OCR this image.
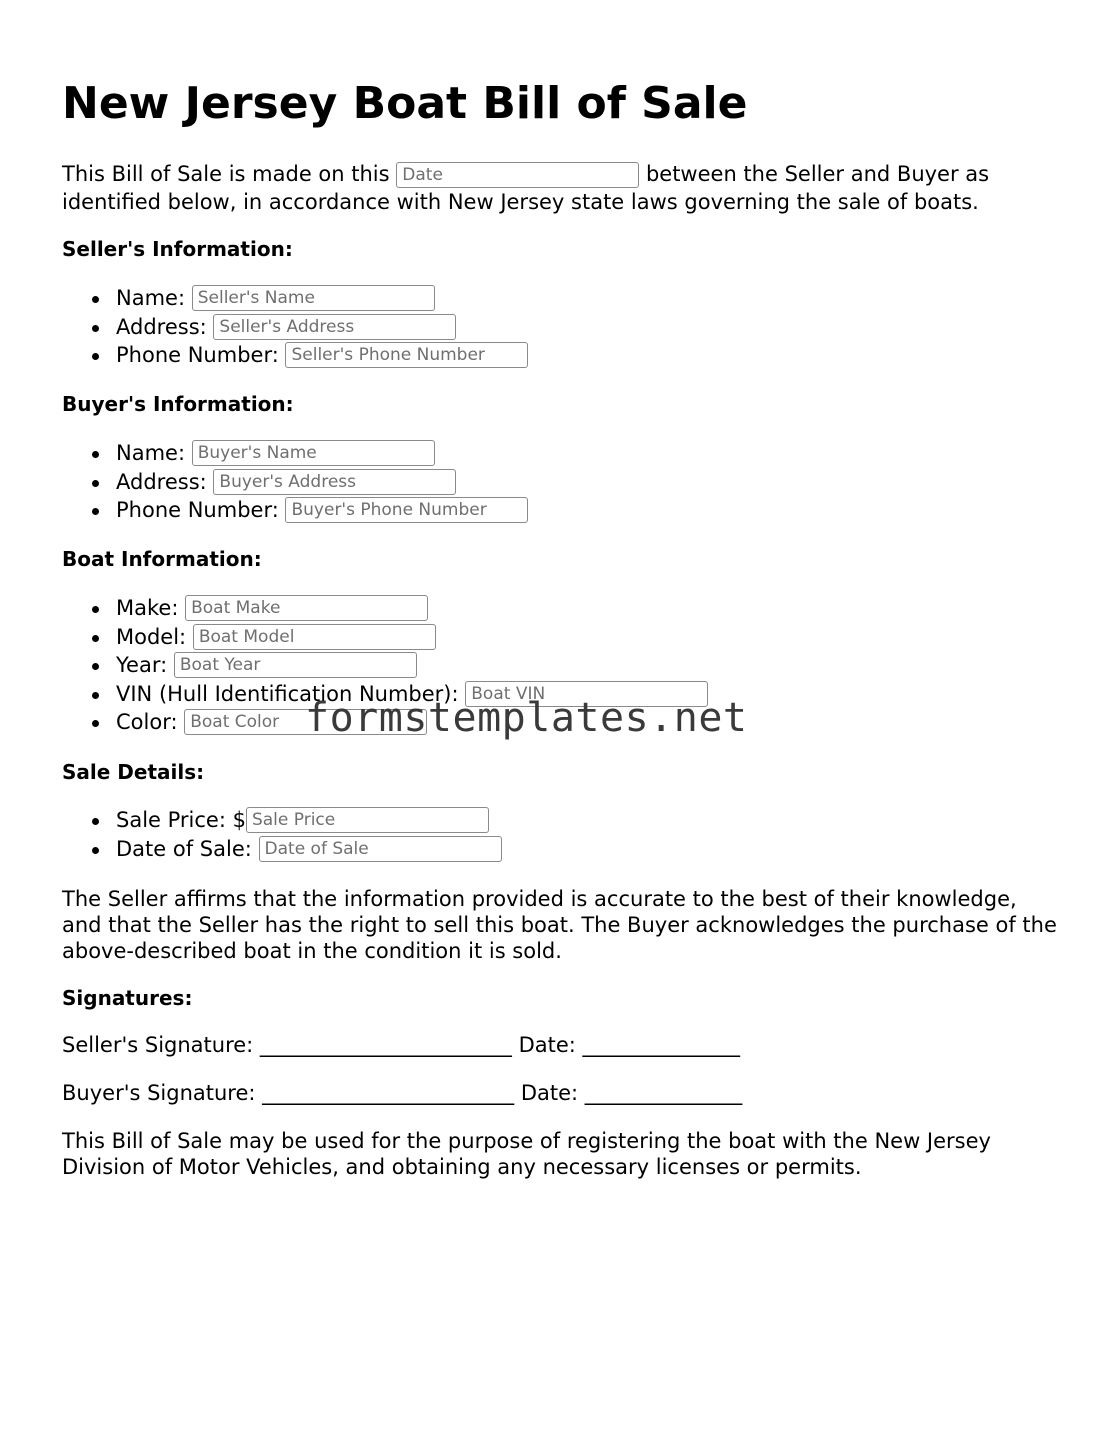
New Jersey Boat Bill of Sale

This Bill of Sale is made on this Date	between the Seller and Buyer as identified below, in accordance with New Jersey state laws governing the sale of boats.

Seller's Information:
Name: Seller's Name
Address: Seller's Address
Phone Number: Seller's Phone Number
Buyer's Information:
Name: Buyer's Name
Address: Buyer's Address
Phone Number: Buyer's Phone Number
Boat Information:
Make: Boat Make
Model: Boat Model
Year: Boat Year
VIN (Hull Identification Number): Boat VIN
Color: Boat Color
Sale Details:
Sale Price: $Sale Price
Date of Sale: Date of Sale

The Seller affirms that the information provided is accurate to the best of their knowledge, and that the Seller has the right to sell this boat. The Buyer acknowledges the purchase of the above-described boat in the condition it is sold.

Signatures:

Seller's Signature: ________________________ Date: _______________

Buyer's Signature: ________________________ Date: _______________

This Bill of Sale may be used for the purpose of registering the boat with the New Jersey Division of Motor Vehicles, and obtaining any necessary licenses or permits.

formstemplates.net
